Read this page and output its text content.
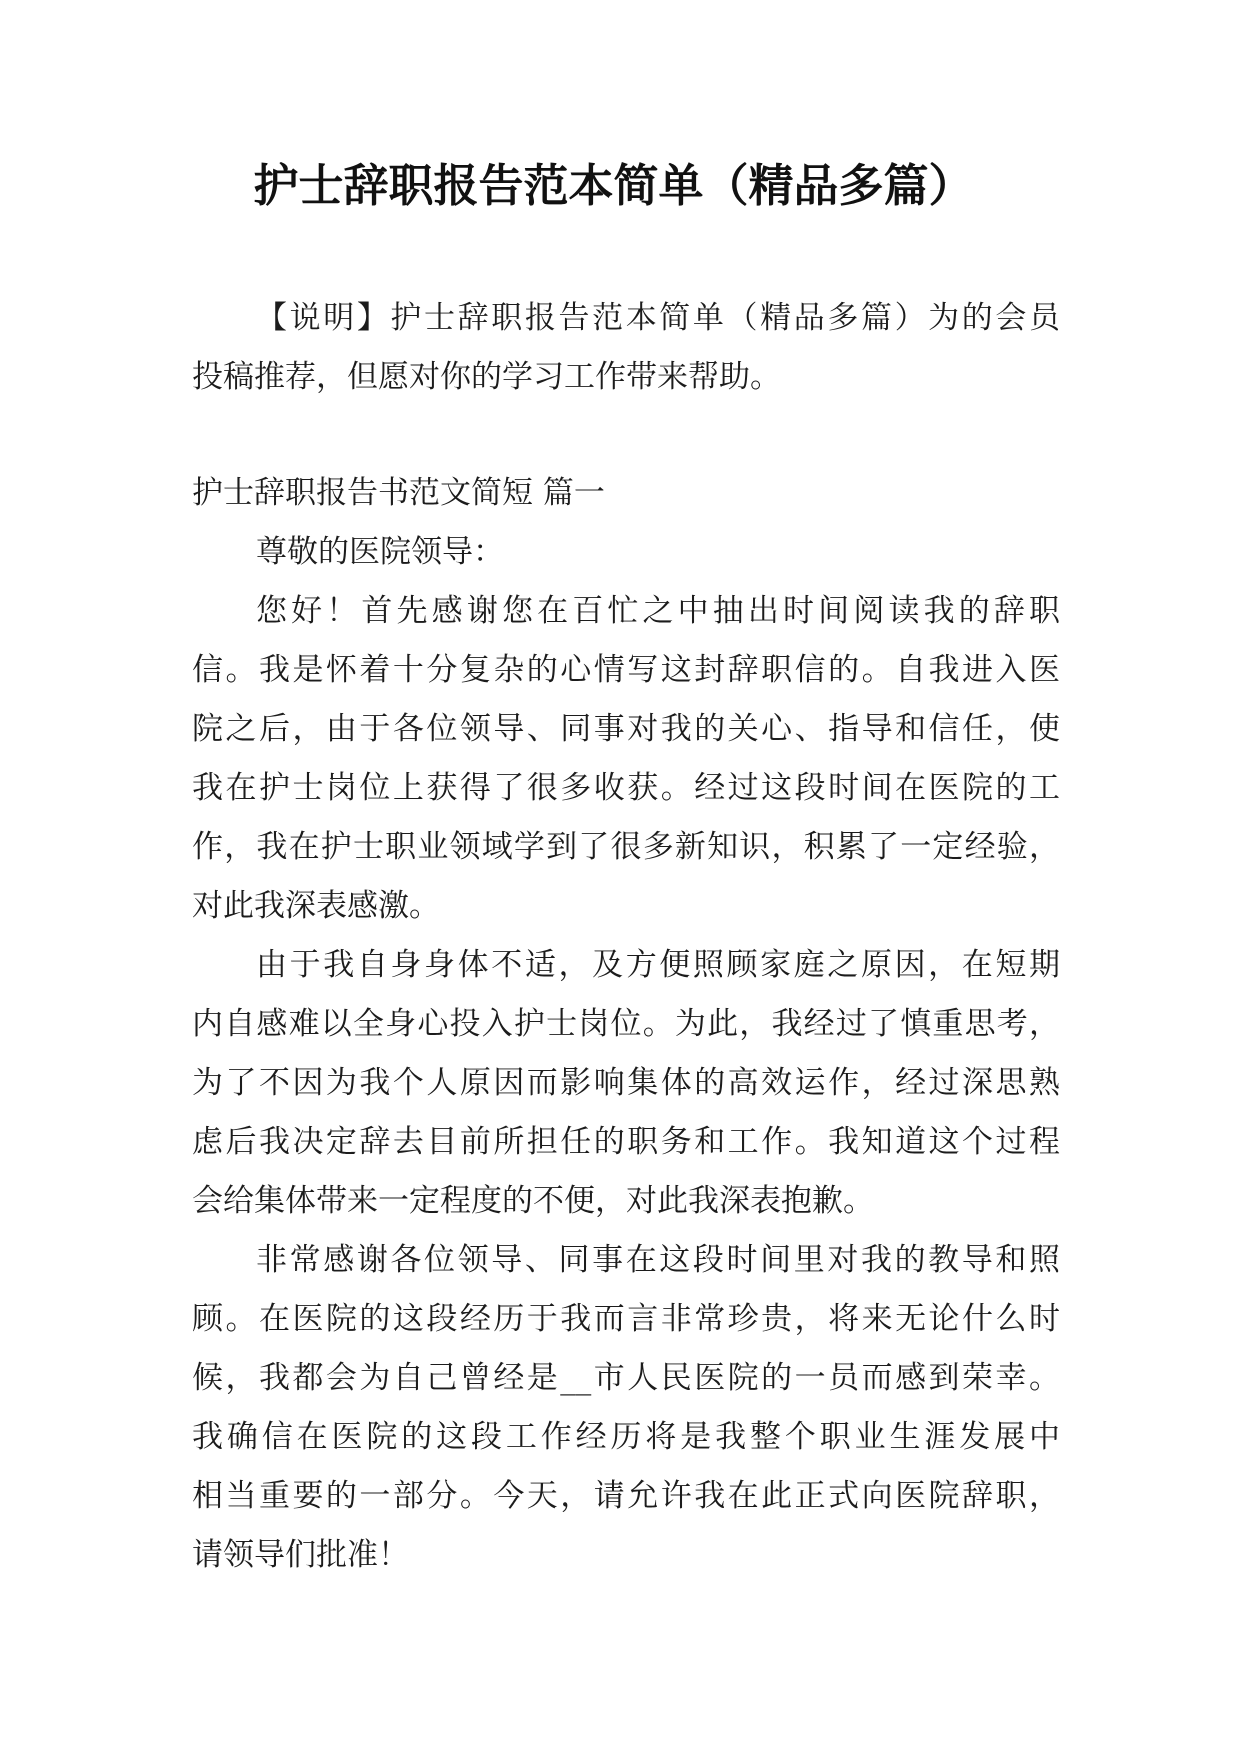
护士辞职报告范本简单（精品多篇）
【说明】护士辞职报告范本简单（精品多篇）为的会员
投稿推荐，但愿对你的学习工作带来帮助。
护士辞职报告书范文简短 篇一
尊敬的医院领导：
您好！首先感谢您在百忙之中抽出时间阅读我的辞职
信。我是怀着十分复杂的心情写这封辞职信的。自我进入医
院之后，由于各位领导、同事对我的关心、指导和信任，使
我在护士岗位上获得了很多收获。经过这段时间在医院的工
作，我在护士职业领域学到了很多新知识，积累了一定经验，
对此我深表感激。
由于我自身身体不适，及方便照顾家庭之原因，在短期
内自感难以全身心投入护士岗位。为此，我经过了慎重思考，
为了不因为我个人原因而影响集体的高效运作，经过深思熟
虑后我决定辞去目前所担任的职务和工作。我知道这个过程
会给集体带来一定程度的不便，对此我深表抱歉。
非常感谢各位领导、同事在这段时间里对我的教导和照
顾。在医院的这段经历于我而言非常珍贵，将来无论什么时
候，我都会为自己曾经是__市人民医院的一员而感到荣幸。
我确信在医院的这段工作经历将是我整个职业生涯发展中
相当重要的一部分。今天，请允许我在此正式向医院辞职，
请领导们批准！
